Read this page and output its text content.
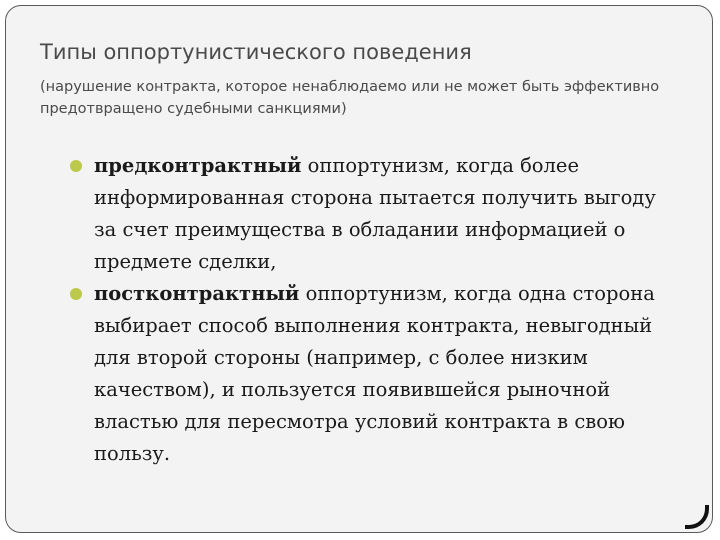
Типы оппортунистического поведения

(нарушение контракта, которое ненаблюдаемо или не может быть эффективно предотвращено судебными санкциями)

предконтрактный оппортунизм, когда более информированная сторона пытается получить выгоду за счет преимущества в обладании информацией о предмете сделки,
постконтрактный оппортунизм, когда одна сторона выбирает способ выполнения контракта, невыгодный для второй стороны (например, с более низким качеством), и пользуется появившейся рыночной властью для пересмотра условий контракта в свою пользу.
